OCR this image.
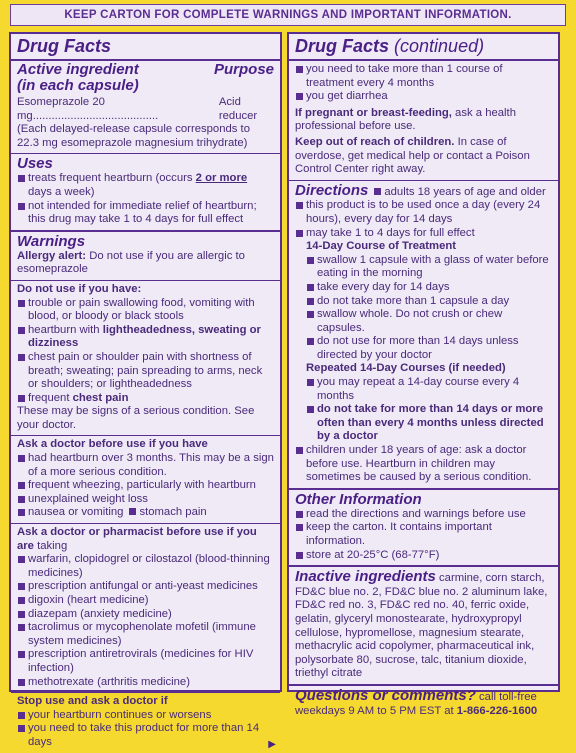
KEEP CARTON FOR COMPLETE WARNINGS AND IMPORTANT INFORMATION.
Drug Facts
Active ingredient
(in each capsule)
Purpose
Esomeprazole 20 mg........................................
Acid reducer
(Each delayed-release capsule corresponds to 22.3 mg esomeprazole magnesium trihydrate)
Uses
treats frequent heartburn (occurs 2 or more days a week)
not intended for immediate relief of heartburn; this drug may take 1 to 4 days for full effect
Warnings
Allergy alert: Do not use if you are allergic to esomeprazole
Do not use if you have:
trouble or pain swallowing food, vomiting with blood, or bloody or black stools
heartburn with lightheadedness, sweating or dizziness
chest pain or shoulder pain with shortness of breath; sweating; pain spreading to arms, neck or shoulders; or lightheadedness
frequent chest pain
These may be signs of a serious condition. See your doctor.
Ask a doctor before use if you have
had heartburn over 3 months. This may be a sign of a more serious condition.
frequent wheezing, particularly with heartburn
unexplained weight loss
nausea or vomiting stomach pain
Ask a doctor or pharmacist before use if you are taking
warfarin, clopidogrel or cilostazol (blood-thinning medicines)
prescription antifungal or anti-yeast medicines
digoxin (heart medicine)
diazepam (anxiety medicine)
tacrolimus or mycophenolate mofetil (immune system medicines)
prescription antiretrovirals (medicines for HIV infection)
methotrexate (arthritis medicine)
Stop use and ask a doctor if
your heartburn continues or worsens
you need to take this product for more than 14 days	▶
Drug Facts (continued)
you need to take more than 1 course of treatment every 4 months
you get diarrhea
If pregnant or breast-feeding, ask a health professional before use.
Keep out of reach of children. In case of overdose, get medical help or contact a Poison Control Center right away.
Directions adults 18 years of age and older
this product is to be used once a day (every 24 hours), every day for 14 days
may take 1 to 4 days for full effect
14-Day Course of Treatment
swallow 1 capsule with a glass of water before eating in the morning
take every day for 14 days
do not take more than 1 capsule a day
swallow whole. Do not crush or chew capsules.
do not use for more than 14 days unless directed by your doctor
Repeated 14-Day Courses (if needed)
you may repeat a 14-day course every 4 months
do not take for more than 14 days or more often than every 4 months unless directed by a doctor
children under 18 years of age: ask a doctor before use. Heartburn in children may sometimes be caused by a serious condition.
Other Information
read the directions and warnings before use
keep the carton. It contains important information.
store at 20-25°C (68-77°F)
Inactive ingredients carmine, corn starch, FD&C blue no. 2, FD&C blue no. 2 aluminum lake, FD&C red no. 3, FD&C red no. 40, ferric oxide, gelatin, glyceryl monostearate, hydroxypropyl cellulose, hypromellose, magnesium stearate, methacrylic acid copolymer, pharmaceutical ink, polysorbate 80, sucrose, talc, titanium dioxide, triethyl citrate
Questions or comments? call toll-free weekdays 9 AM to 5 PM EST at 1-866-226-1600
